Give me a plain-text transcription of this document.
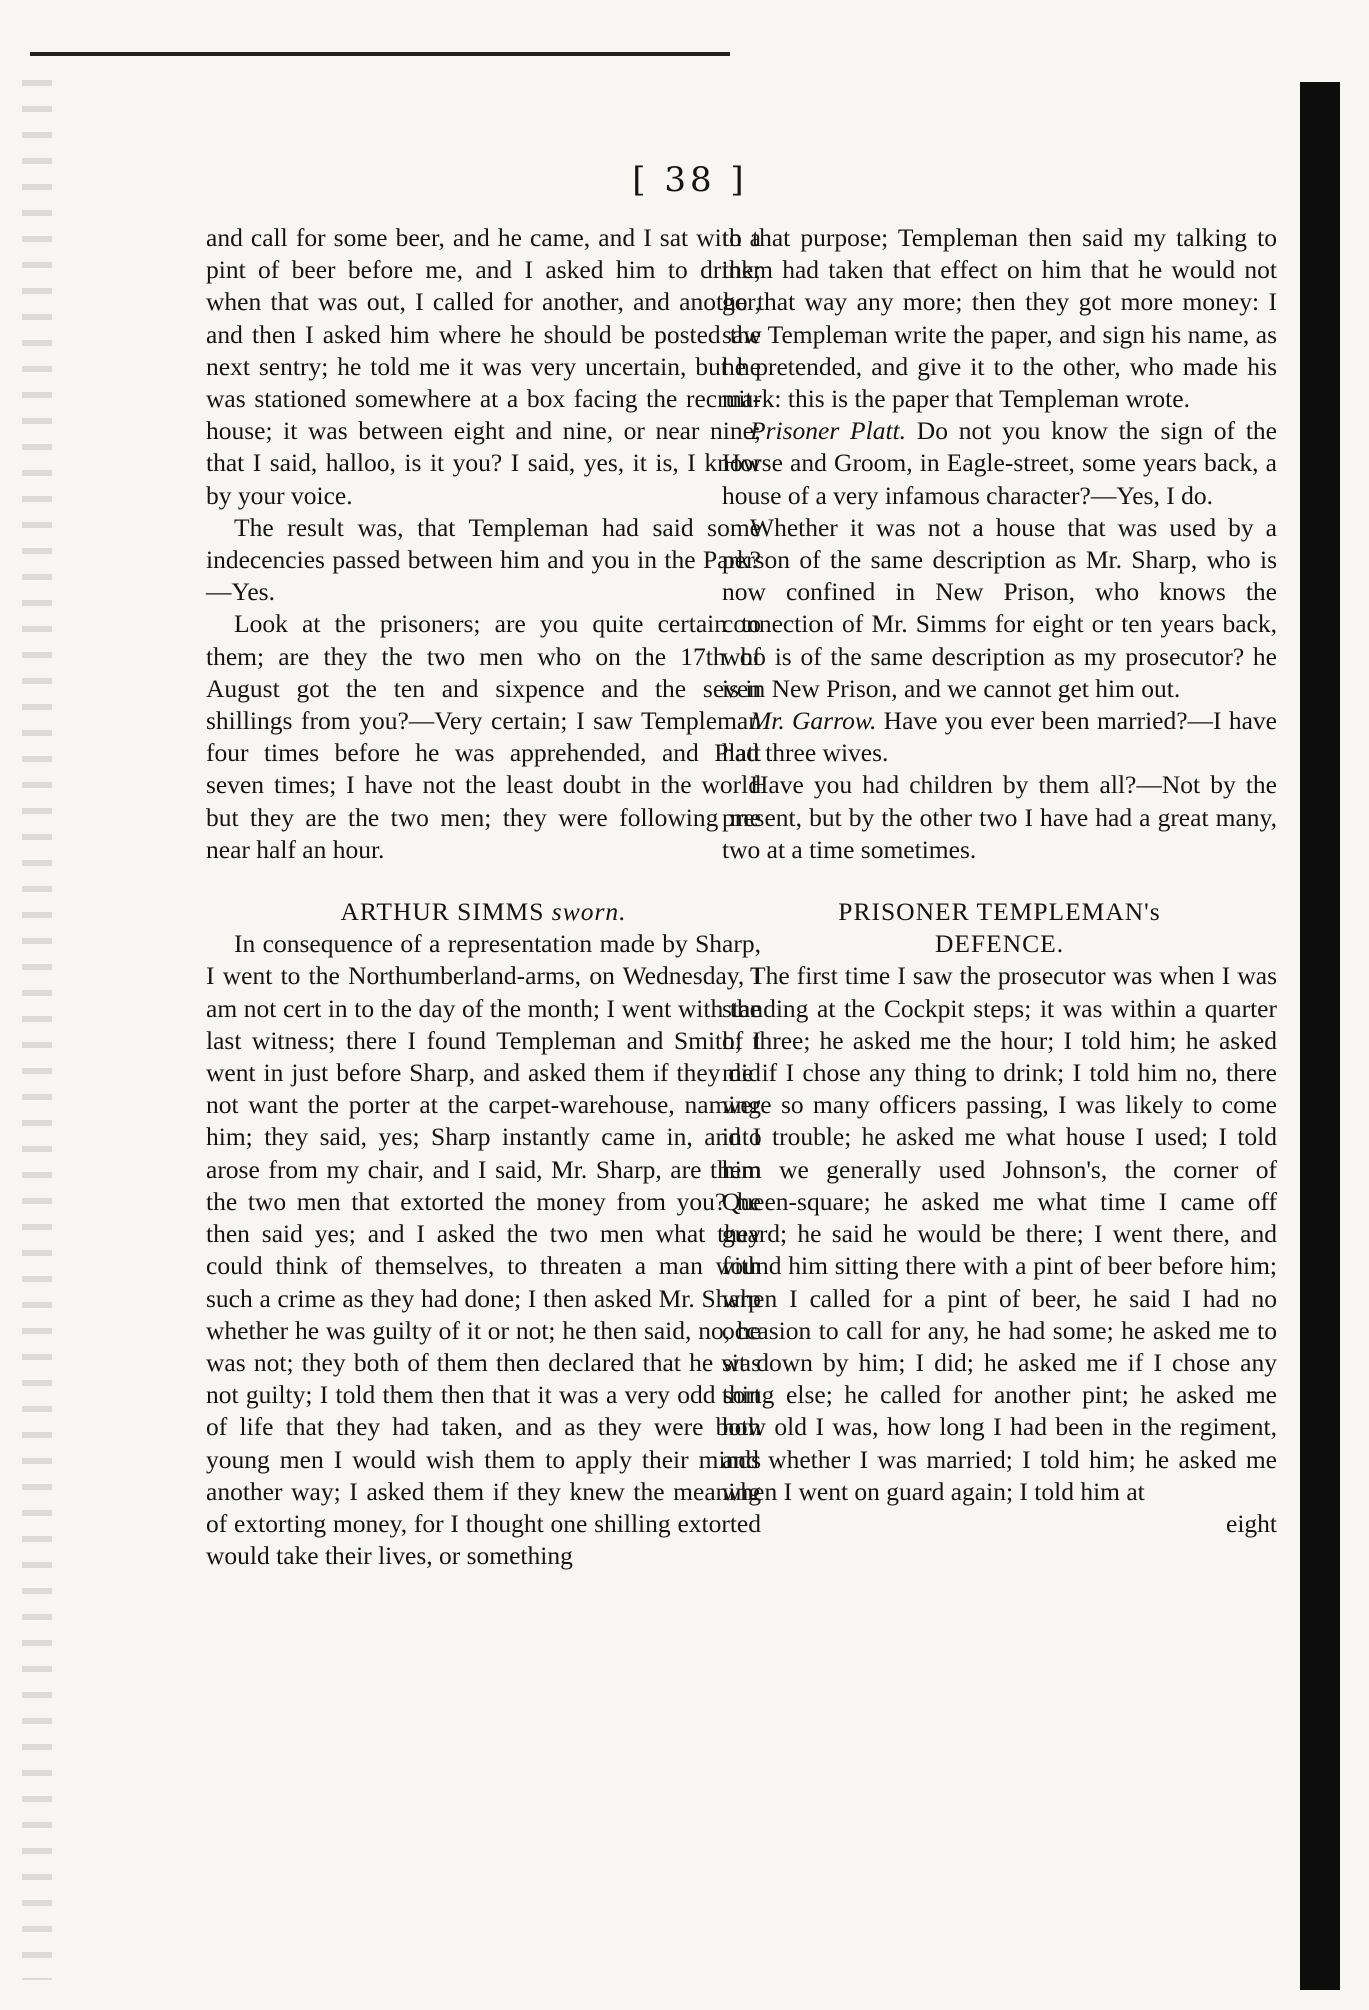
[ 38 ]

and call for some beer, and he came, and I sat with a pint of beer before me, and I asked him to drink; when that was out, I called for another, and another, and then I asked him where he should be posted the next sentry; he told me it was very uncertain, but he was stationed somewhere at a box facing the recruit-house; it was between eight and nine, or near nine; that I said, halloo, is it you? I said, yes, it is, I know by your voice.

The result was, that Templeman had said some indecencies passed between him and you in the Park?—Yes.

Look at the prisoners; are you quite certain to them; are they the two men who on the 17th of August got the ten and sixpence and the seven shillings from you?—Very certain; I saw Templeman four times before he was apprehended, and Platt seven times; I have not the least doubt in the world but they are the two men; they were following me near half an hour.

ARTHUR SIMMS sworn.

In consequence of a representation made by Sharp, I went to the Northumberland-arms, on Wednesday, I am not cert in to the day of the month; I went with the last witness; there I found Templeman and Smith; I went in just before Sharp, and asked them if they did not want the porter at the carpet-warehouse, naming him; they said, yes; Sharp instantly came in, and I arose from my chair, and I said, Mr. Sharp, are them the two men that extorted the money from you? he then said yes; and I asked the two men what they could think of themselves, to threaten a man with such a crime as they had done; I then asked Mr. Sharp whether he was guilty of it or not; he then said, no, he was not; they both of them then declared that he was not guilty; I told them then that it was a very odd sort of life that they had taken, and as they were both young men I would wish them to apply their minds another way; I asked them if they knew the meaning of extorting money, for I thought one shilling extorted would take their lives, or something

to that purpose; Templeman then said my talking to them had taken that effect on him that he would not go that way any more; then they got more money: I saw Templeman write the paper, and sign his name, as he pretended, and give it to the other, who made his mark: this is the paper that Templeman wrote.

Prisoner Platt. Do not you know the sign of the Horse and Groom, in Eagle-street, some years back, a house of a very infamous character?—Yes, I do.

Whether it was not a house that was used by a person of the same description as Mr. Sharp, who is now confined in New Prison, who knows the connection of Mr. Simms for eight or ten years back, who is of the same description as my prosecutor? he is in New Prison, and we cannot get him out.

Mr. Garrow. Have you ever been married?—I have had three wives.

Have you had children by them all?—Not by the present, but by the other two I have had a great many, two at a time sometimes.

PRISONER TEMPLEMAN's

DEFENCE.

The first time I saw the prosecutor was when I was standing at the Cockpit steps; it was within a quarter of three; he asked me the hour; I told him; he asked me if I chose any thing to drink; I told him no, there were so many officers passing, I was likely to come into trouble; he asked me what house I used; I told him we generally used Johnson's, the corner of Queen-square; he asked me what time I came off guard; he said he would be there; I went there, and found him sitting there with a pint of beer before him; when I called for a pint of beer, he said I had no occasion to call for any, he had some; he asked me to sit down by him; I did; he asked me if I chose any thing else; he called for another pint; he asked me how old I was, how long I had been in the regiment, and whether I was married; I told him; he asked me when I went on guard again; I told him at

eight
